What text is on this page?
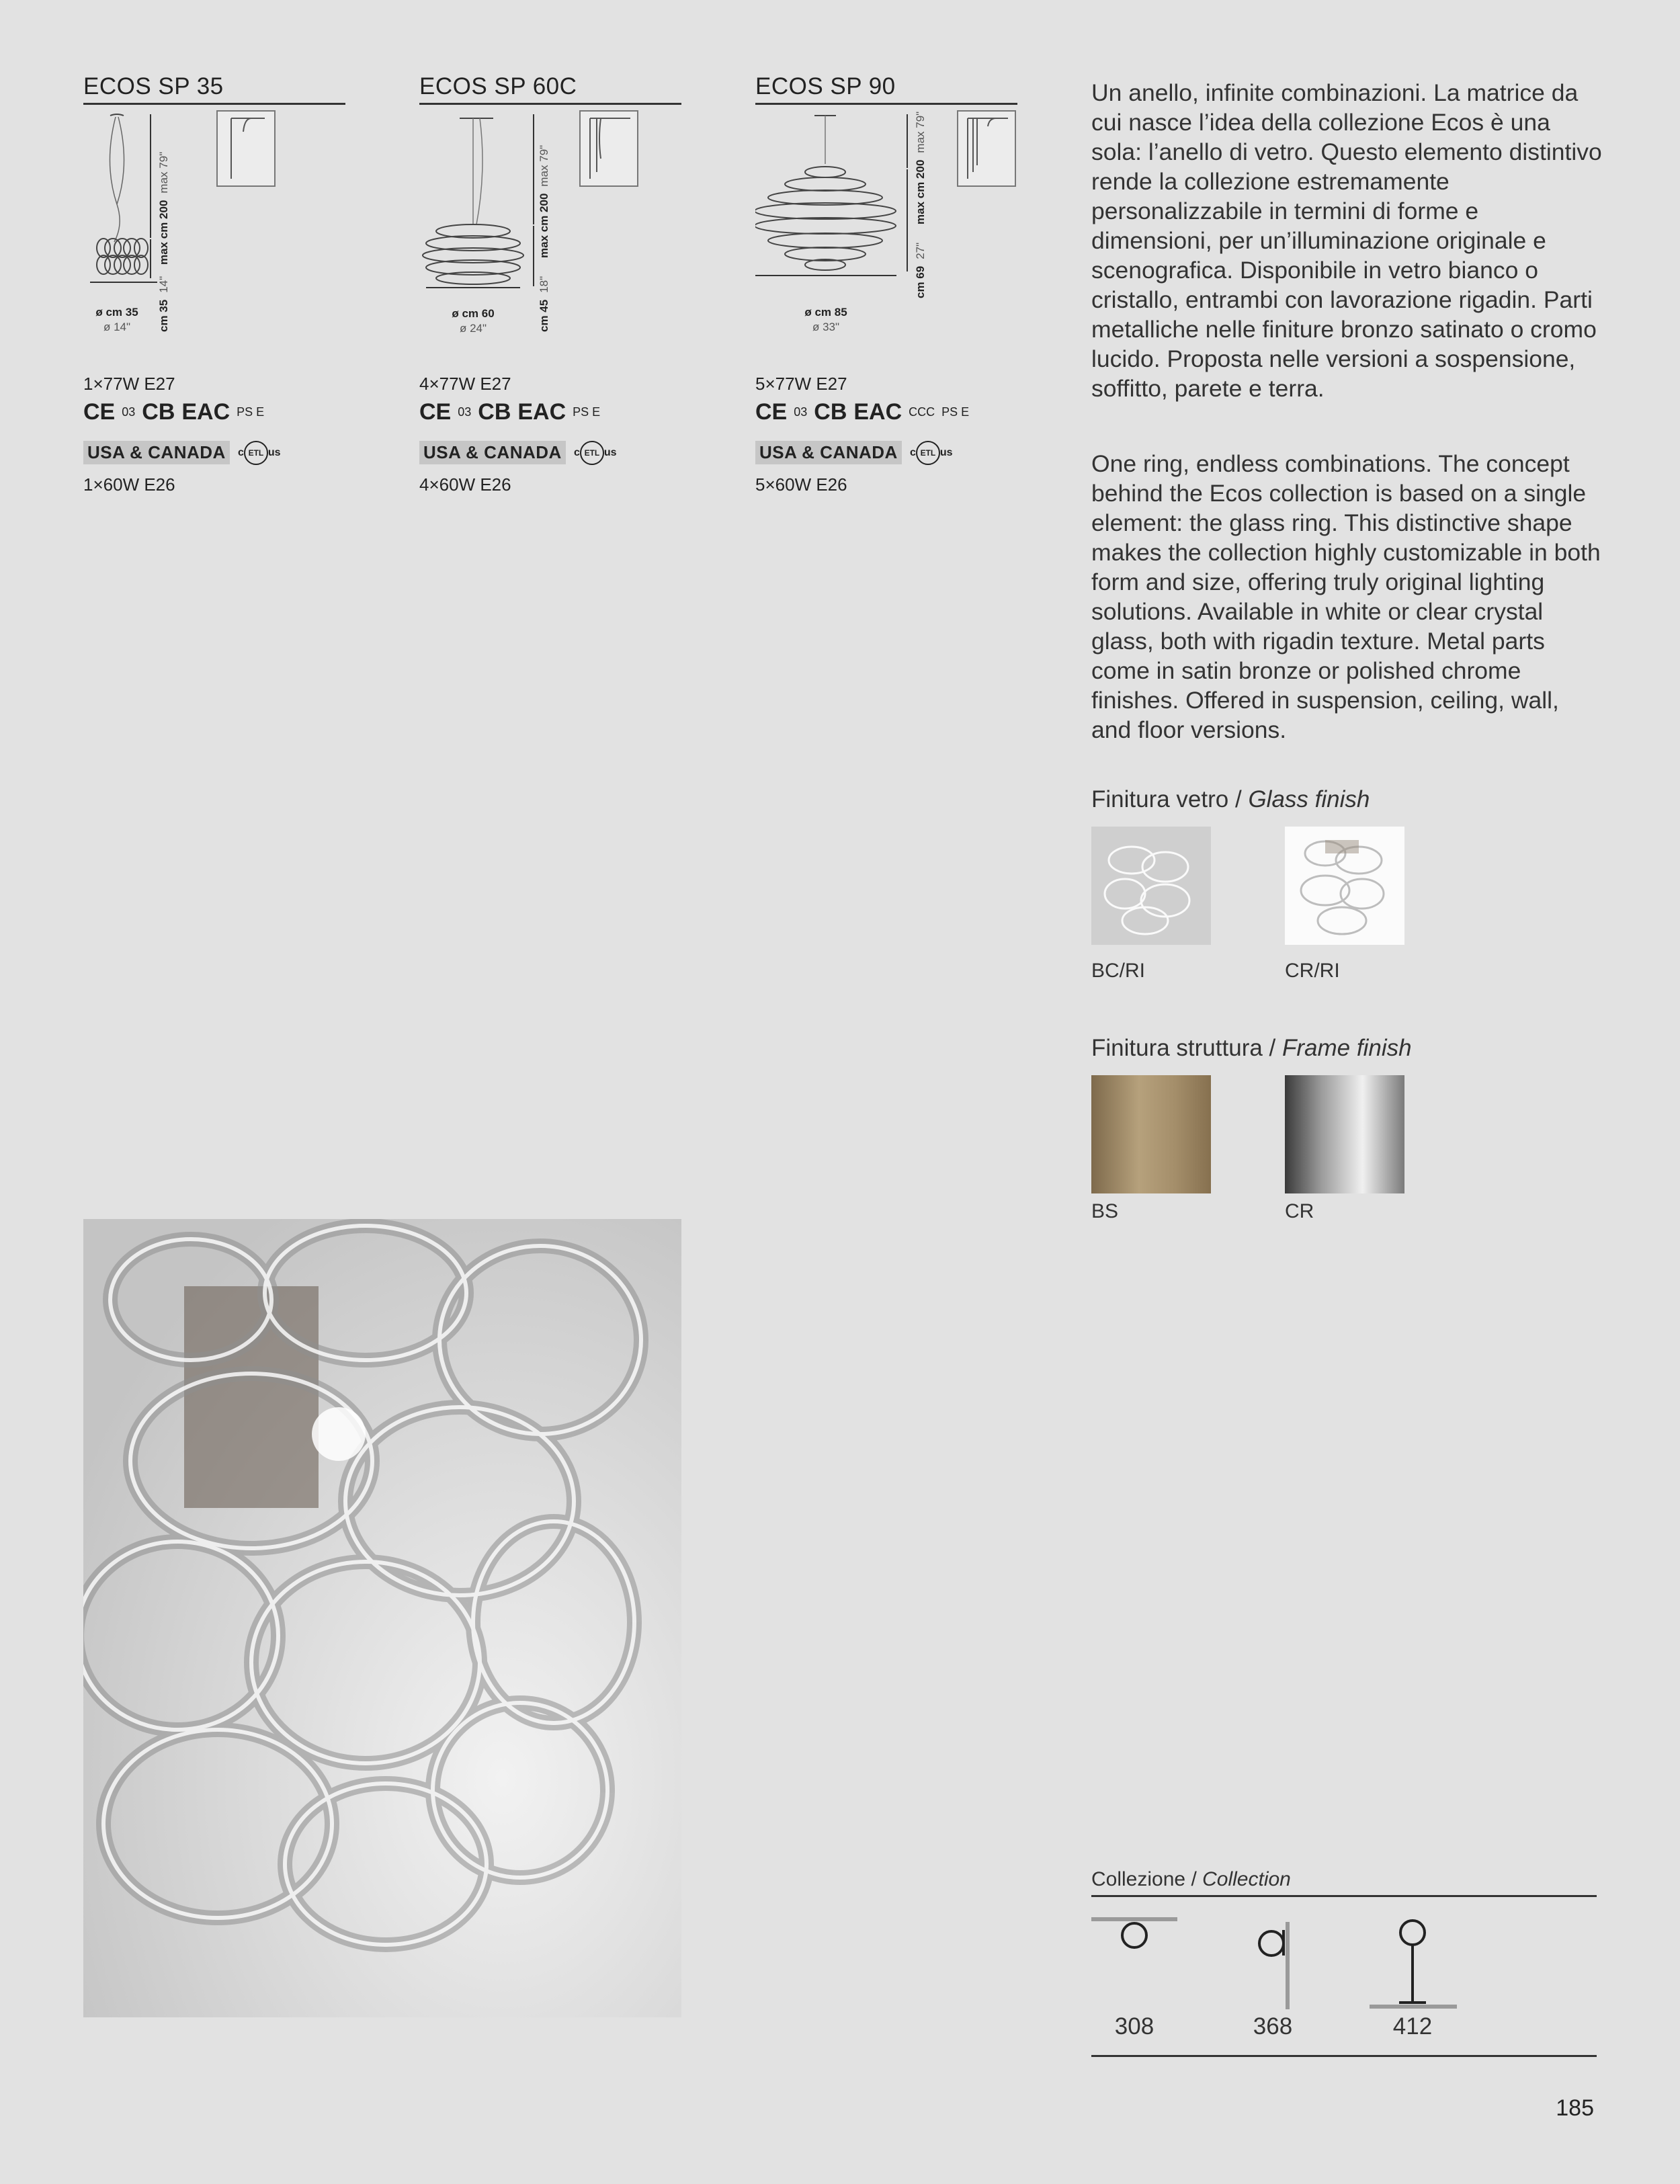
ECOS SP 35
max cm 200max 79"
cm 3514"
ø cm 35
ø 14"
1×77W E27
CE 03 CB EAC PS E
USA & CANADA	c ETL us
1×60W E26
ECOS SP 60C
max cm 200max 79"
cm 4518"
ø cm 60
ø 24"
4×77W E27
CE 03 CB EAC PS E
USA & CANADA	c ETL us
4×60W E26
ECOS SP 90
max cm 200max 79"
cm 6927"
ø cm 85
ø 33"
5×77W E27
CE 03 CB EAC CCC PS E
USA & CANADA	c ETL us
5×60W E26
Un anello, infinite combinazioni. La matrice da cui nasce l’idea della collezione Ecos è una sola: l’anello di vetro. Questo elemento distintivo rende la collezione estremamente personalizzabile in termini di forme e dimensioni, per un’illuminazione originale e scenografica. Disponibile in vetro bianco o cristallo, entrambi con lavorazione rigadin. Parti metalliche nelle finiture bronzo satinato o cromo lucido. Proposta nelle versioni a sospensione, soffitto, parete e terra.
One ring, endless combinations. The concept behind the Ecos collection is based on a single element: the glass ring. This distinctive shape makes the collection highly customizable in both form and size, offering truly original lighting solutions. Available in white or clear crystal glass, both with rigadin texture. Metal parts come in satin bronze or polished chrome finishes. Offered in suspension, ceiling, wall, and floor versions.
Finitura vetro / Glass finish
BC/RI	CR/RI
Finitura struttura / Frame finish
BS	CR
Collezione / Collection
308	368	412
185
